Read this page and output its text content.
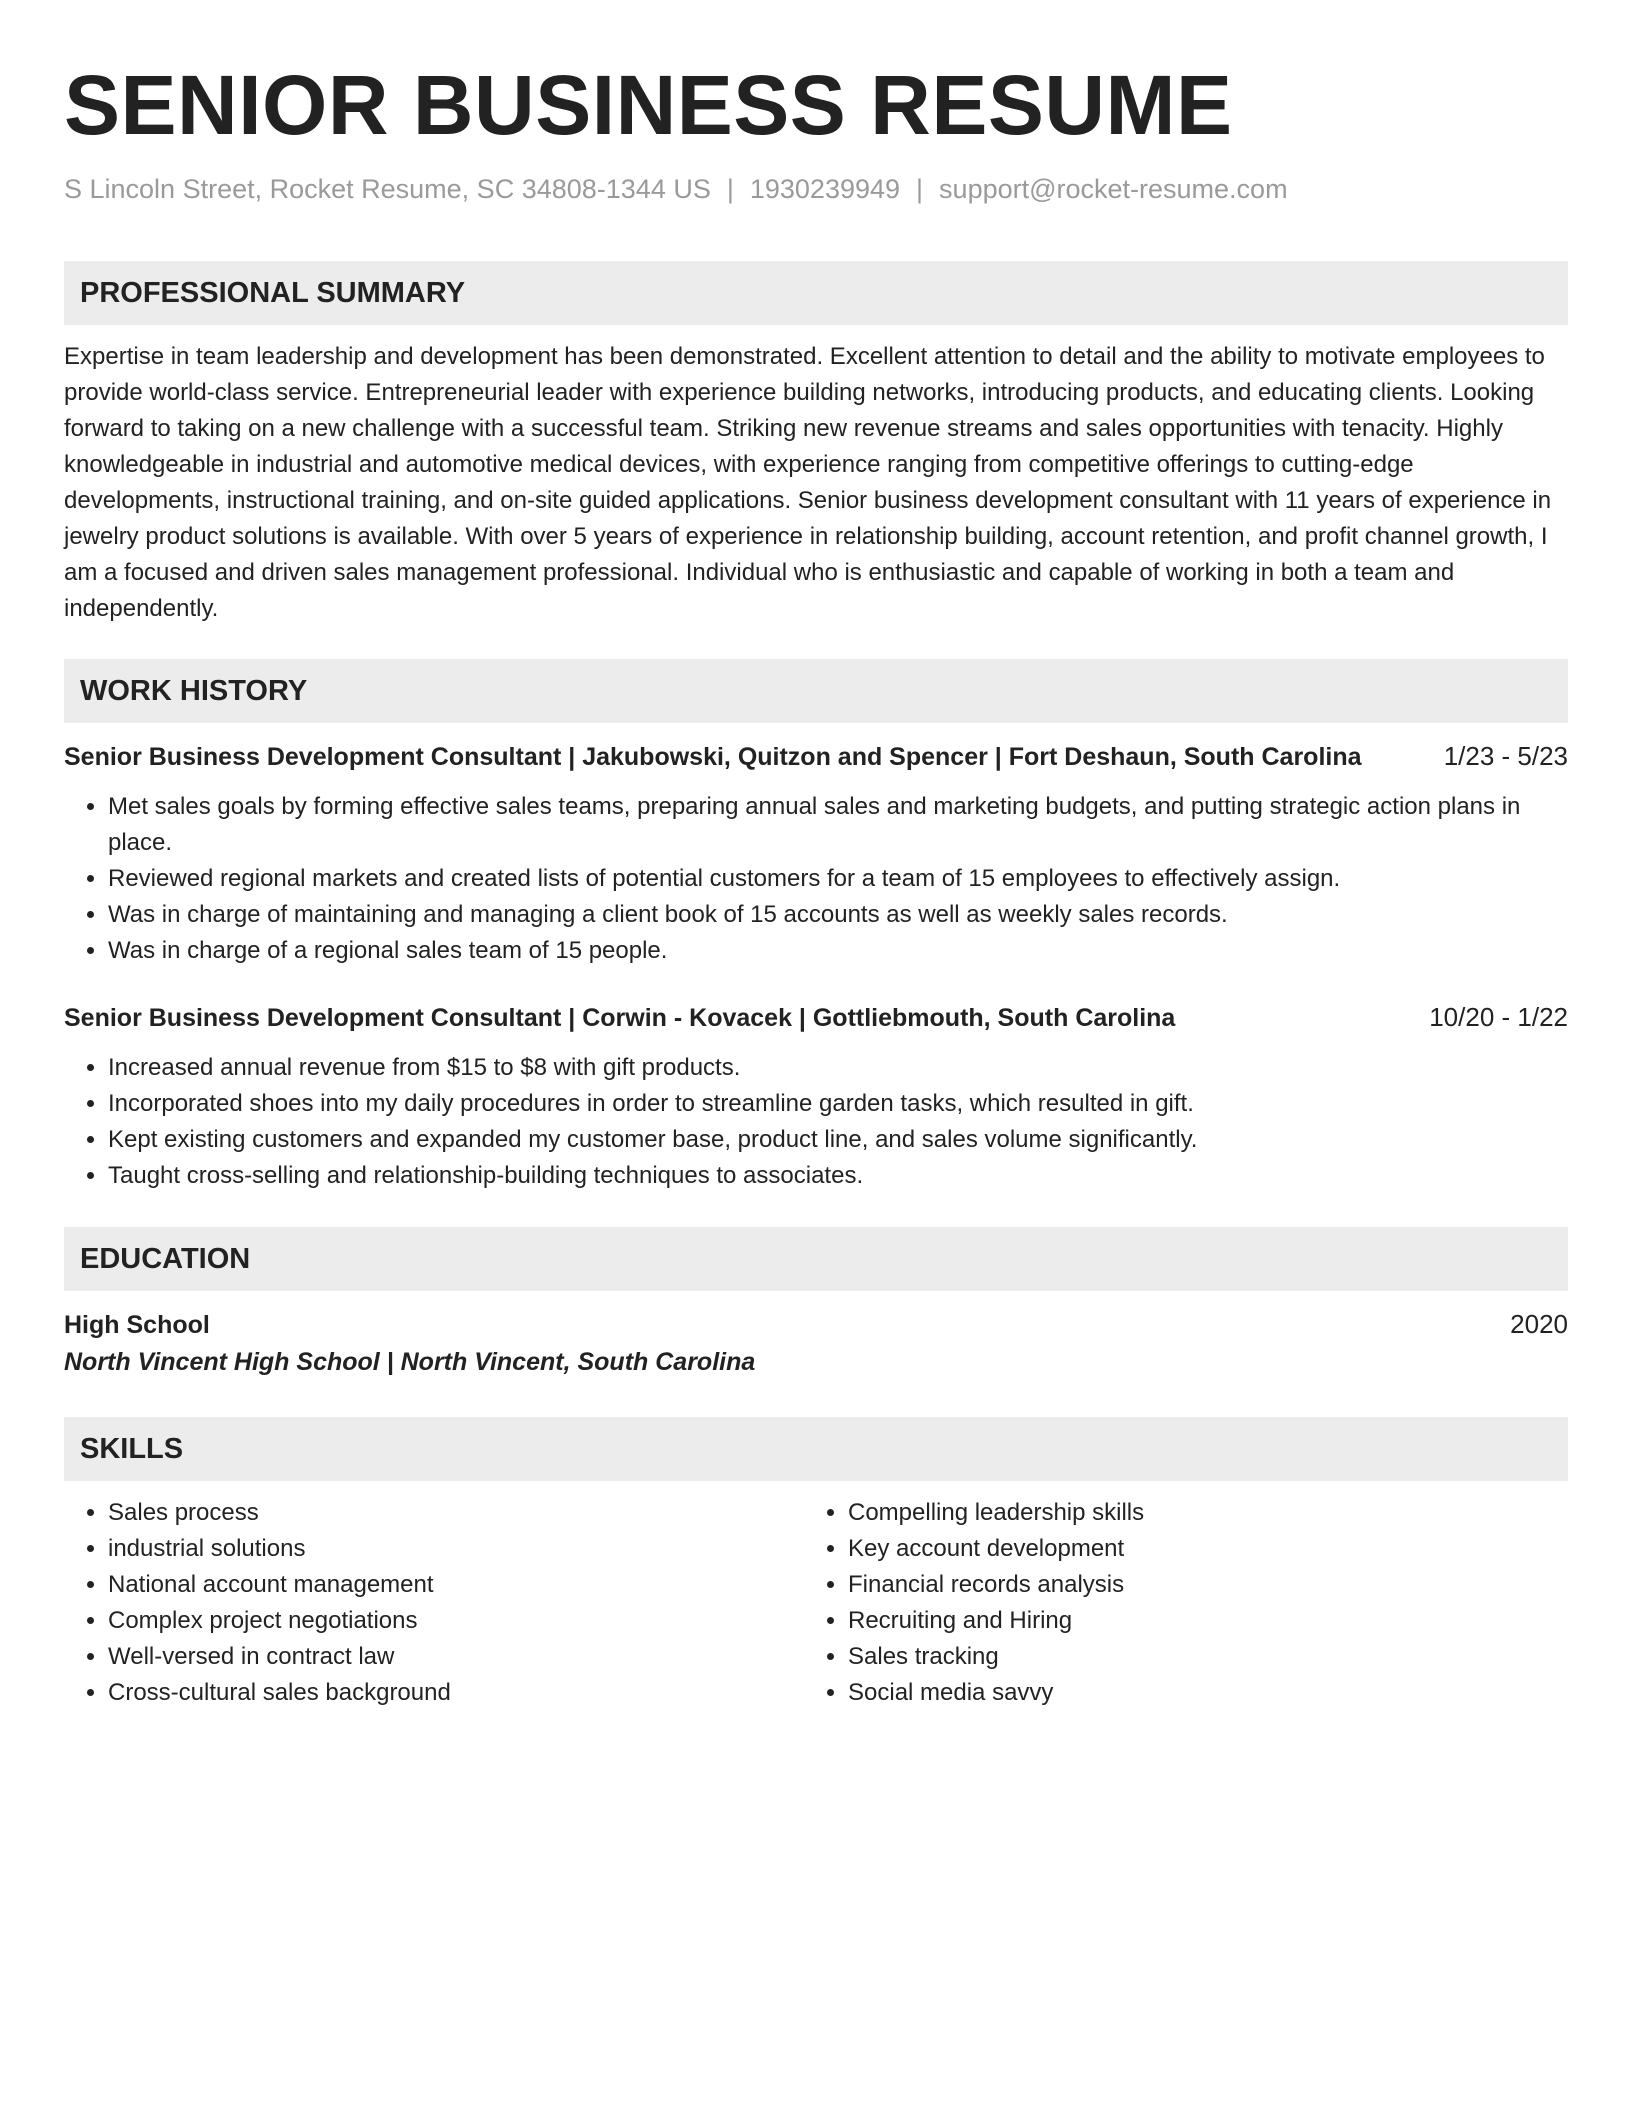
SENIOR BUSINESS RESUME
S Lincoln Street, Rocket Resume, SC 34808-1344 US | 1930239949 | support@rocket-resume.com
PROFESSIONAL SUMMARY
Expertise in team leadership and development has been demonstrated. Excellent attention to detail and the ability to motivate employees to provide world-class service. Entrepreneurial leader with experience building networks, introducing products, and educating clients. Looking forward to taking on a new challenge with a successful team. Striking new revenue streams and sales opportunities with tenacity. Highly knowledgeable in industrial and automotive medical devices, with experience ranging from competitive offerings to cutting-edge developments, instructional training, and on-site guided applications. Senior business development consultant with 11 years of experience in jewelry product solutions is available. With over 5 years of experience in relationship building, account retention, and profit channel growth, I am a focused and driven sales management professional. Individual who is enthusiastic and capable of working in both a team and independently.
WORK HISTORY
Senior Business Development Consultant | Jakubowski, Quitzon and Spencer | Fort Deshaun, South Carolina	1/23 - 5/23
• Met sales goals by forming effective sales teams, preparing annual sales and marketing budgets, and putting strategic action plans in place.
• Reviewed regional markets and created lists of potential customers for a team of 15 employees to effectively assign.
• Was in charge of maintaining and managing a client book of 15 accounts as well as weekly sales records.
• Was in charge of a regional sales team of 15 people.
Senior Business Development Consultant | Corwin - Kovacek | Gottliebmouth, South Carolina	10/20 - 1/22
• Increased annual revenue from $15 to $8 with gift products.
• Incorporated shoes into my daily procedures in order to streamline garden tasks, which resulted in gift.
• Kept existing customers and expanded my customer base, product line, and sales volume significantly.
• Taught cross-selling and relationship-building techniques to associates.
EDUCATION
High School	2020
North Vincent High School | North Vincent, South Carolina
SKILLS
• Sales process
• industrial solutions
• National account management
• Complex project negotiations
• Well-versed in contract law
• Cross-cultural sales background
• Compelling leadership skills
• Key account development
• Financial records analysis
• Recruiting and Hiring
• Sales tracking
• Social media savvy
